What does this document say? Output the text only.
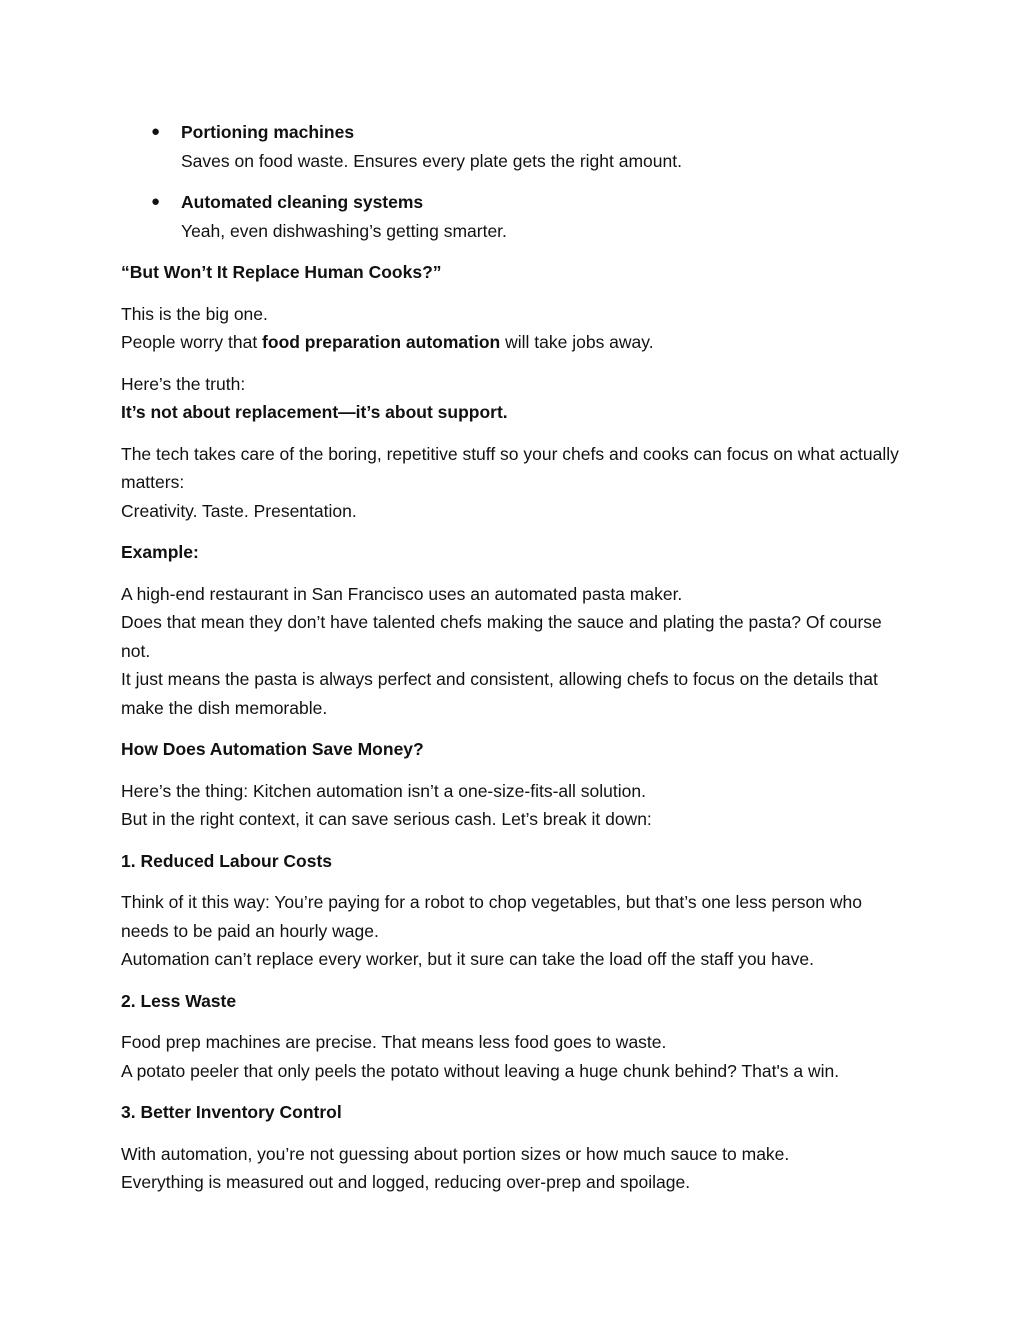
● Portioning machines
Saves on food waste. Ensures every plate gets the right amount.
● Automated cleaning systems
Yeah, even dishwashing’s getting smarter.

“But Won’t It Replace Human Cooks?”

This is the big one.
People worry that food preparation automation will take jobs away.

Here’s the truth:
It’s not about replacement—it’s about support.

The tech takes care of the boring, repetitive stuff so your chefs and cooks can focus on what actually matters:
Creativity. Taste. Presentation.

Example:

A high-end restaurant in San Francisco uses an automated pasta maker.
Does that mean they don’t have talented chefs making the sauce and plating the pasta? Of course not.
It just means the pasta is always perfect and consistent, allowing chefs to focus on the details that make the dish memorable.

How Does Automation Save Money?

Here’s the thing: Kitchen automation isn’t a one-size-fits-all solution.
But in the right context, it can save serious cash. Let’s break it down:

1. Reduced Labour Costs

Think of it this way: You’re paying for a robot to chop vegetables, but that’s one less person who needs to be paid an hourly wage.
Automation can’t replace every worker, but it sure can take the load off the staff you have.

2. Less Waste

Food prep machines are precise. That means less food goes to waste.
A potato peeler that only peels the potato without leaving a huge chunk behind? That's a win.

3. Better Inventory Control

With automation, you’re not guessing about portion sizes or how much sauce to make.
Everything is measured out and logged, reducing over-prep and spoilage.
